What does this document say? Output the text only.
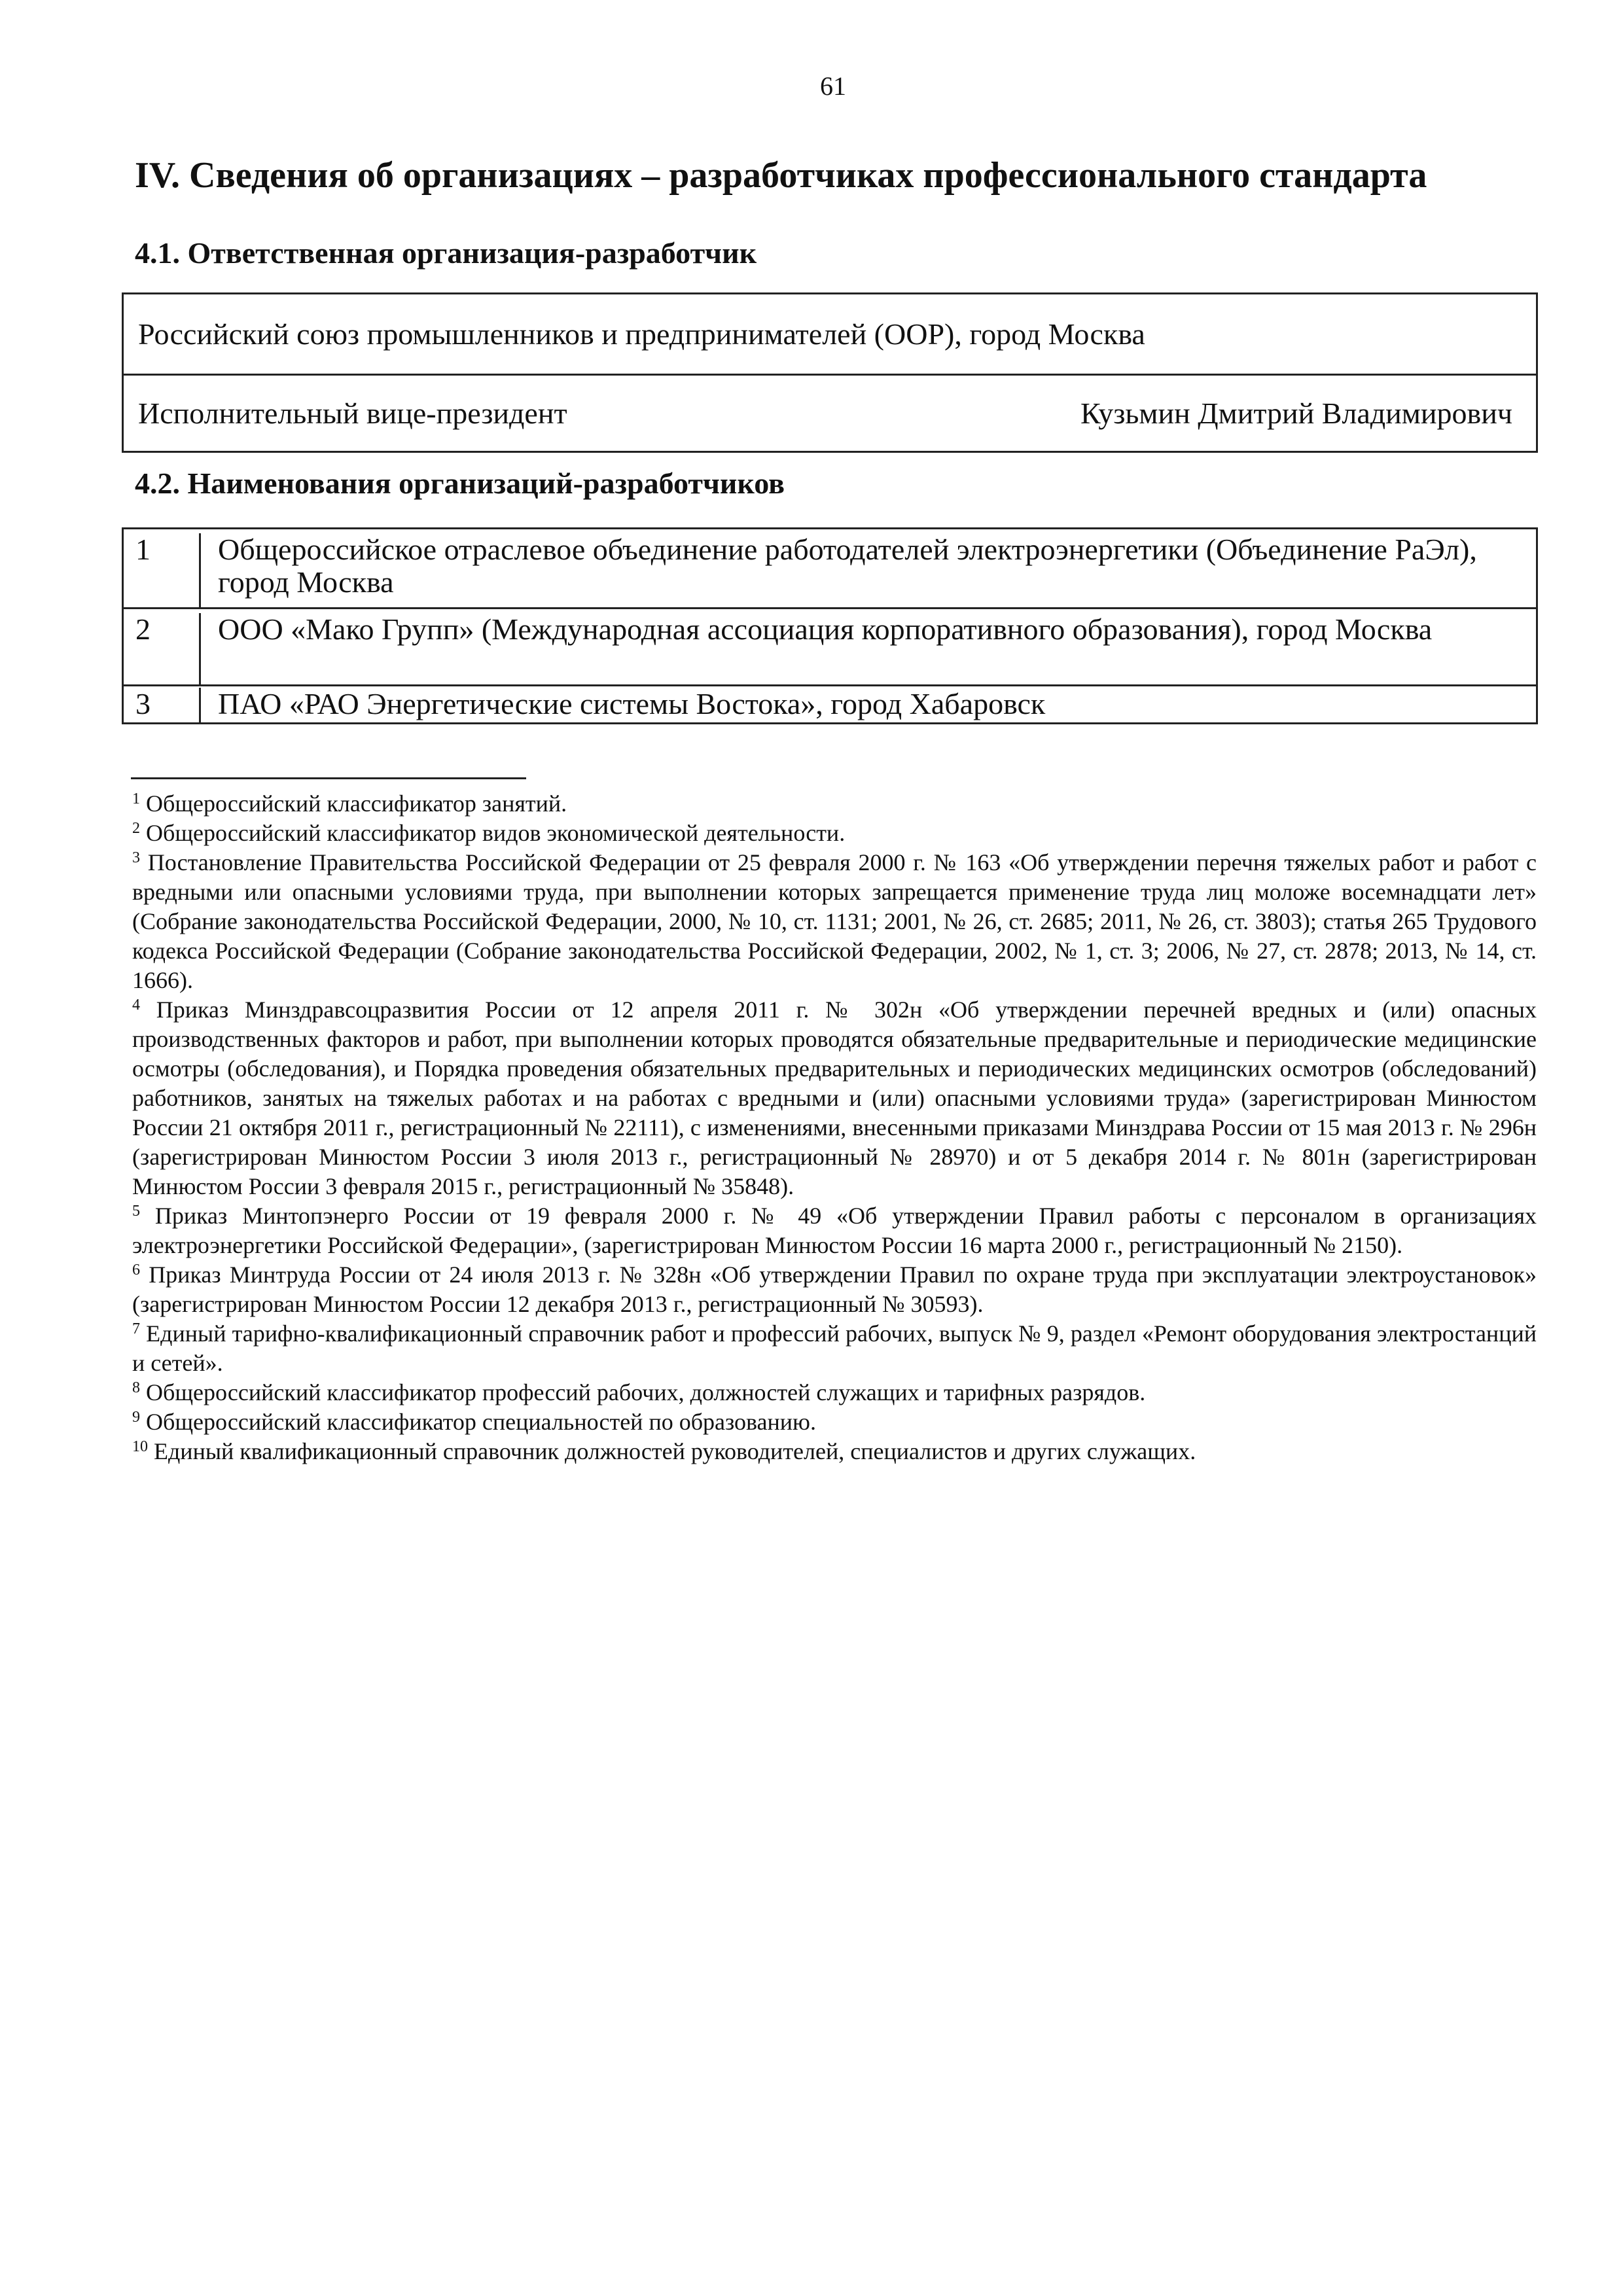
61
IV. Сведения об организациях – разработчиках профессионального стандарта
4.1. Ответственная организация-разработчик
Российский союз промышленников и предпринимателей (ООР), город Москва
Исполнительный вице-президент	Кузьмин Дмитрий Владимирович
4.2. Наименования организаций-разработчиков
1	Общероссийское отраслевое объединение работодателей электроэнергетики (Объединение РаЭл), город Москва
2	ООО «Мако Групп» (Международная ассоциация корпоративного образования), город Москва
3	ПАО «РАО Энергетические системы Востока», город Хабаровск

$^1$ Общероссийский классификатор занятий.

$^2$ Общероссийский классификатор видов экономической деятельности.

$^3$ Постановление Правительства Российской Федерации от 25 февраля 2000 г. № 163 «Об утверждении перечня тяжелых работ и работ с вредными или опасными условиями труда, при выполнении которых запрещается применение труда лиц моложе восемнадцати лет» (Собрание законодательства Российской Федерации, 2000, № 10, ст. 1131; 2001, № 26, ст. 2685; 2011, № 26, ст. 3803); статья 265 Трудового кодекса Российской Федерации (Собрание законодательства Российской Федерации, 2002, № 1, ст. 3; 2006, № 27, ст. 2878; 2013, № 14, ст. 1666).

$^4$ Приказ Минздравсоцразвития России от 12 апреля 2011 г. № 302н «Об утверждении перечней вредных и (или) опасных производственных факторов и работ, при выполнении которых проводятся обязательные предварительные и периодические медицинские осмотры (обследования), и Порядка проведения обязательных предварительных и периодических медицинских осмотров (обследований) работников, занятых на тяжелых работах и на работах с вредными и (или) опасными условиями труда» (зарегистрирован Минюстом России 21 октября 2011 г., регистрационный № 22111), с изменениями, внесенными приказами Минздрава России от 15 мая 2013 г. № 296н (зарегистрирован Минюстом России 3 июля 2013 г., регистрационный № 28970) и от 5 декабря 2014 г. № 801н (зарегистрирован Минюстом России 3 февраля 2015 г., регистрационный № 35848).

$^5$ Приказ Минтопэнерго России от 19 февраля 2000 г. № 49 «Об утверждении Правил работы с персоналом в организациях электроэнергетики Российской Федерации», (зарегистрирован Минюстом России 16 марта 2000 г., регистрационный № 2150).

$^6$ Приказ Минтруда России от 24 июля 2013 г. № 328н «Об утверждении Правил по охране труда при эксплуатации электроустановок» (зарегистрирован Минюстом России 12 декабря 2013 г., регистрационный № 30593).

$^7$ Единый тарифно-квалификационный справочник работ и профессий рабочих, выпуск № 9, раздел «Ремонт оборудования электростанций и сетей».

$^8$ Общероссийский классификатор профессий рабочих, должностей служащих и тарифных разрядов.

$^9$ Общероссийский классификатор специальностей по образованию.

$^{10}$ Единый квалификационный справочник должностей руководителей, специалистов и других служащих.
